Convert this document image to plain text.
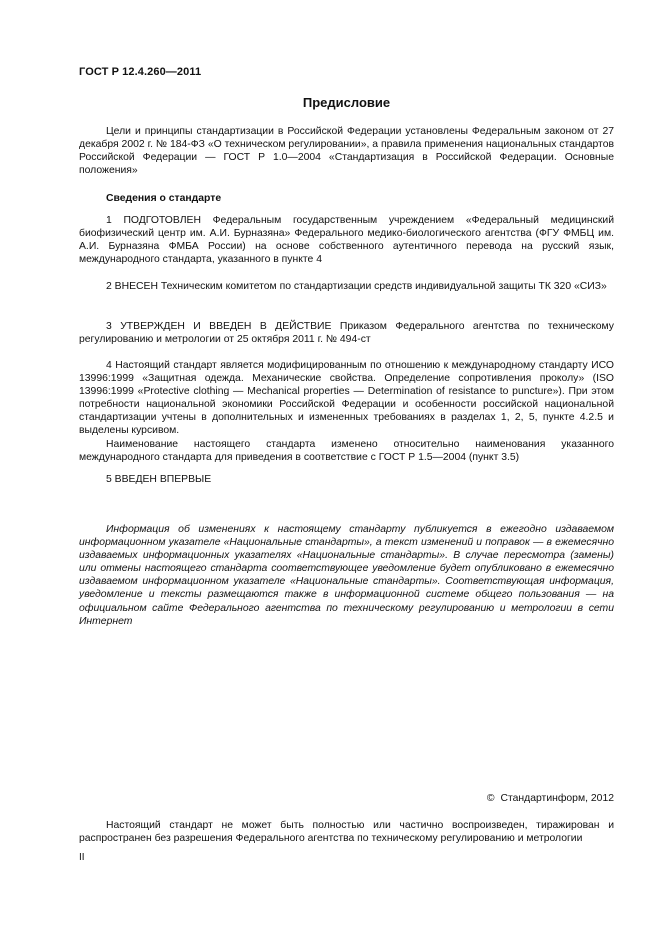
ГОСТ Р 12.4.260—2011
Предисловие

Цели и принципы стандартизации в Российской Федерации установлены Федеральным законом от 27 декабря 2002 г. № 184-ФЗ «О техническом регулировании», а правила применения национальных стандартов Российской Федерации — ГОСТ Р 1.0—2004 «Стандартизация в Российской Федерации. Основные положения»

Сведения о стандарте

1 ПОДГОТОВЛЕН Федеральным государственным учреждением «Федеральный медицинский биофизический центр им. А.И. Бурназяна» Федерального медико-биологического агентства (ФГУ ФМБЦ им. А.И. Бурназяна ФМБА России) на основе собственного аутентичного перевода на русский язык, международного стандарта, указанного в пункте 4

2 ВНЕСЕН Техническим комитетом по стандартизации средств индивидуальной защиты ТК 320 «СИЗ»

3 УТВЕРЖДЕН И ВВЕДЕН В ДЕЙСТВИЕ Приказом Федерального агентства по техническому регулированию и метрологии от 25 октября 2011 г. № 494-ст

4 Настоящий стандарт является модифицированным по отношению к международному стандарту ИСО 13996:1999 «Защитная одежда. Механические свойства. Определение сопротивления проколу» (ISO 13996:1999 «Protective clothing — Mechanical properties — Determination of resistance to puncture»). При этом потребности национальной экономики Российской Федерации и особенности российской национальной стандартизации учтены в дополнительных и измененных требованиях в разделах 1, 2, 5, пункте 4.2.5 и выделены курсивом.

Наименование настоящего стандарта изменено относительно наименования указанного международного стандарта для приведения в соответствие с ГОСТ Р 1.5—2004 (пункт 3.5)

5 ВВЕДЕН ВПЕРВЫЕ

Информация об изменениях к настоящему стандарту публикуется в ежегодно издаваемом информационном указателе «Национальные стандарты», а текст изменений и поправок — в ежемесячно издаваемых информационных указателях «Национальные стандарты». В случае пересмотра (замены) или отмены настоящего стандарта соответствующее уведомление будет опубликовано в ежемесячно издаваемом информационном указателе «Национальные стандарты». Соответствующая информация, уведомление и тексты размещаются также в информационной системе общего пользования — на официальном сайте Федерального агентства по техническому регулированию и метрологии в сети Интернет

© Стандартинформ, 2012

Настоящий стандарт не может быть полностью или частично воспроизведен, тиражирован и распространен без разрешения Федерального агентства по техническому регулированию и метрологии

II
